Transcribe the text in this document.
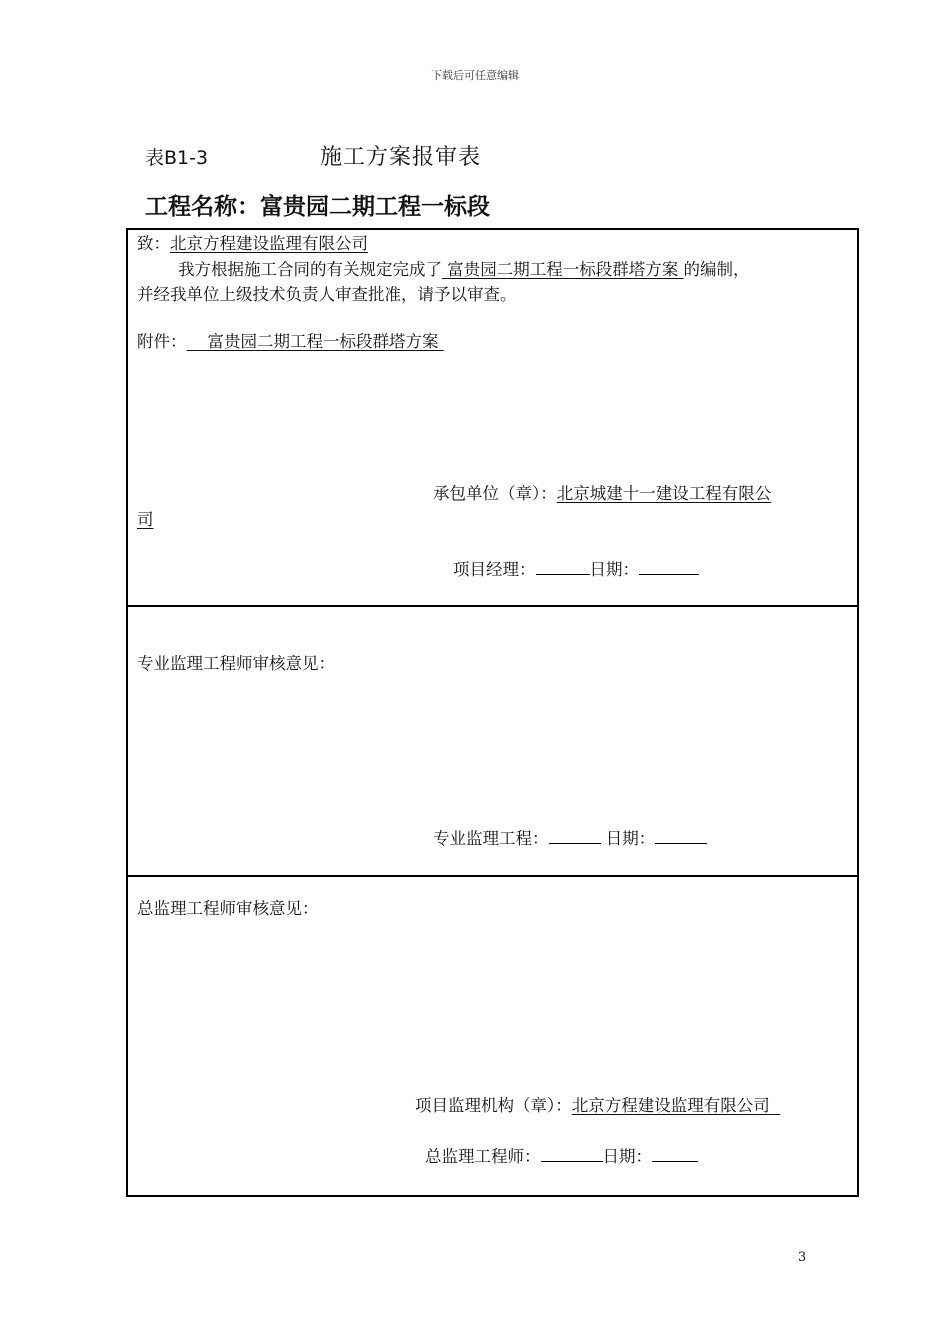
下载后可任意编辑
表B1-3	施工方案报审表
工程名称：富贵园二期工程一标段
致：北京方程建设监理有限公司
我方根据施工合同的有关规定完成了 富贵园二期工程一标段群塔方案 的编制，
并经我单位上级技术负责人审查批准，请予以审查。
附件： 富贵园二期工程一标段群塔方案
承包单位（章）：北京城建十一建设工程有限公
司
项目经理：	日期：
专业监理工程师审核意见：
专业监理工程：	日期：
总监理工程师审核意见：
项目监理机构（章）：北京方程建设监理有限公司
总监理工程师：	日期：
3
